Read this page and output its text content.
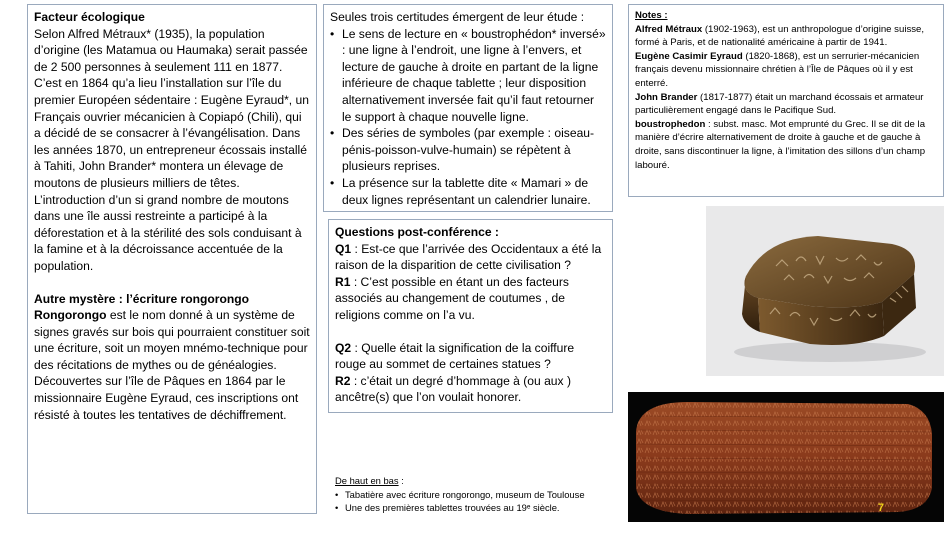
Facteur écologique

Selon Alfred Métraux* (1935), la population d’origine (les Matamua ou Haumaka) serait passée de 2 500 personnes à seulement 111 en 1877.

C’est en 1864 qu’a lieu l’installation sur l’île du premier Européen sédentaire : Eugène Eyraud*, un Français ouvrier mécanicien à Copiapó (Chili), qui a décidé de se consacrer à l’évangélisation. Dans les années 1870, un entrepreneur écossais installé à Tahiti, John Brander* montera un élevage de moutons de plusieurs milliers de têtes.

L’introduction d’un si grand nombre de moutons dans une île aussi restreinte a participé à la déforestation et à la stérilité des sols conduisant à la famine et à la décroissance accentuée de la population.

Autre mystère : l’écriture rongorongo

Rongorongo est le nom donné à un système de signes gravés sur bois qui pourraient constituer soit une écriture, soit un moyen mnémo-technique pour des récitations de mythes ou de généalogies.

Découvertes sur l’île de Pâques en 1864 par le missionnaire Eugène Eyraud, ces inscriptions ont résisté à toutes les tentatives de déchiffrement.

Seules trois certitudes émergent de leur étude :
• Le sens de lecture en « boustrophédon* inversé» : une ligne à l’endroit, une ligne à l’envers, et lecture de gauche à droite en partant de la ligne inférieure de chaque tablette ; leur disposition alternativement inversée fait qu’il faut retourner le support à chaque nouvelle ligne.
• Des séries de symboles (par exemple : oiseau-pénis-poisson-vulve-humain) se répètent à plusieurs reprises.
• La présence sur la tablette dite « Mamari » de deux lignes représentant un calendrier lunaire.
Questions post-conférence :
Q1 : Est-ce que l’arrivée des Occidentaux a été la raison de la disparition de cette civilisation ?
R1 : C’est possible en étant un des facteurs associés au changement de coutumes , de religions comme on l’a vu.
Q2 : Quelle était la signification de la coiffure rouge au sommet de certaines statues ?
R2 : c’était un degré d’hommage à (ou aux ) ancêtre(s) que l’on voulait honorer.
Notes :
Alfred Métraux (1902-1963), est un anthropologue d’origine suisse, formé à Paris, et de nationalité américaine à partir de 1941.
Eugène Casimir Eyraud (1820-1868), est un serrurier-mécanicien français devenu missionnaire chrétien à l’Île de Pâques où il y est enterré.
John Brander (1817-1877) était un marchand écossais et armateur particulièrement engagé dans le Pacifique Sud.
boustrophedon : subst. masc. Mot emprunté du Grec. Il se dit de la manière d’écrire alternativement de droite à gauche et de gauche à droite, sans discontinuer la ligne, à l’imitation des sillons d’un champ labouré.
7
De haut en bas :
• Tabatière avec écriture rongorongo, museum de Toulouse
• Une des premières tablettes trouvées au 19ᵉ siècle.
